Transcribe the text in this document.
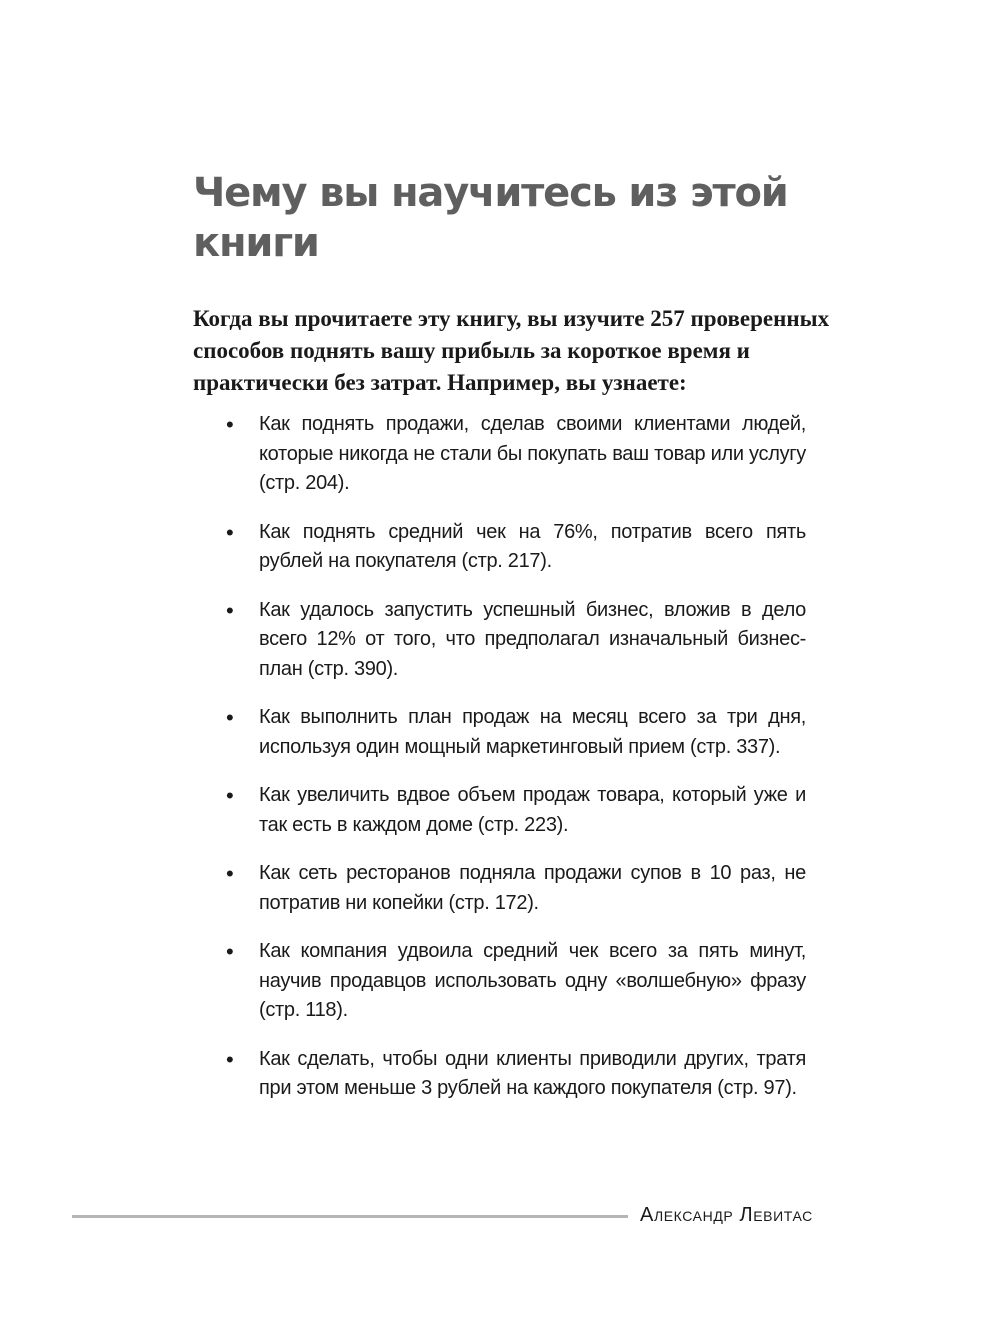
Чему вы научитесь из этой книги

Когда вы прочитаете эту книгу, вы изучите 257 проверенных способов поднять вашу прибыль за короткое время и практически без затрат. Например, вы узнаете:

• Как поднять продажи, сделав своими клиентами людей, которые никогда не стали бы покупать ваш товар или услугу (стр. 204).
• Как поднять средний чек на 76%, потратив всего пять рублей на покупателя (стр. 217).
• Как удалось запустить успешный бизнес, вложив в дело всего 12% от того, что предполагал изначальный бизнес-план (стр. 390).
• Как выполнить план продаж на месяц всего за три дня, используя один мощный маркетинговый прием (стр. 337).
• Как увеличить вдвое объем продаж товара, который уже и так есть в каждом доме (стр. 223).
• Как сеть ресторанов подняла продажи супов в 10 раз, не потратив ни копейки (стр. 172).
• Как компания удвоила средний чек всего за пять минут, научив продавцов использовать одну «волшебную» фразу (стр. 118).
• Как сделать, чтобы одни клиенты приводили других, тратя при этом меньше 3 рублей на каждого покупателя (стр. 97).
Александр Левитас
